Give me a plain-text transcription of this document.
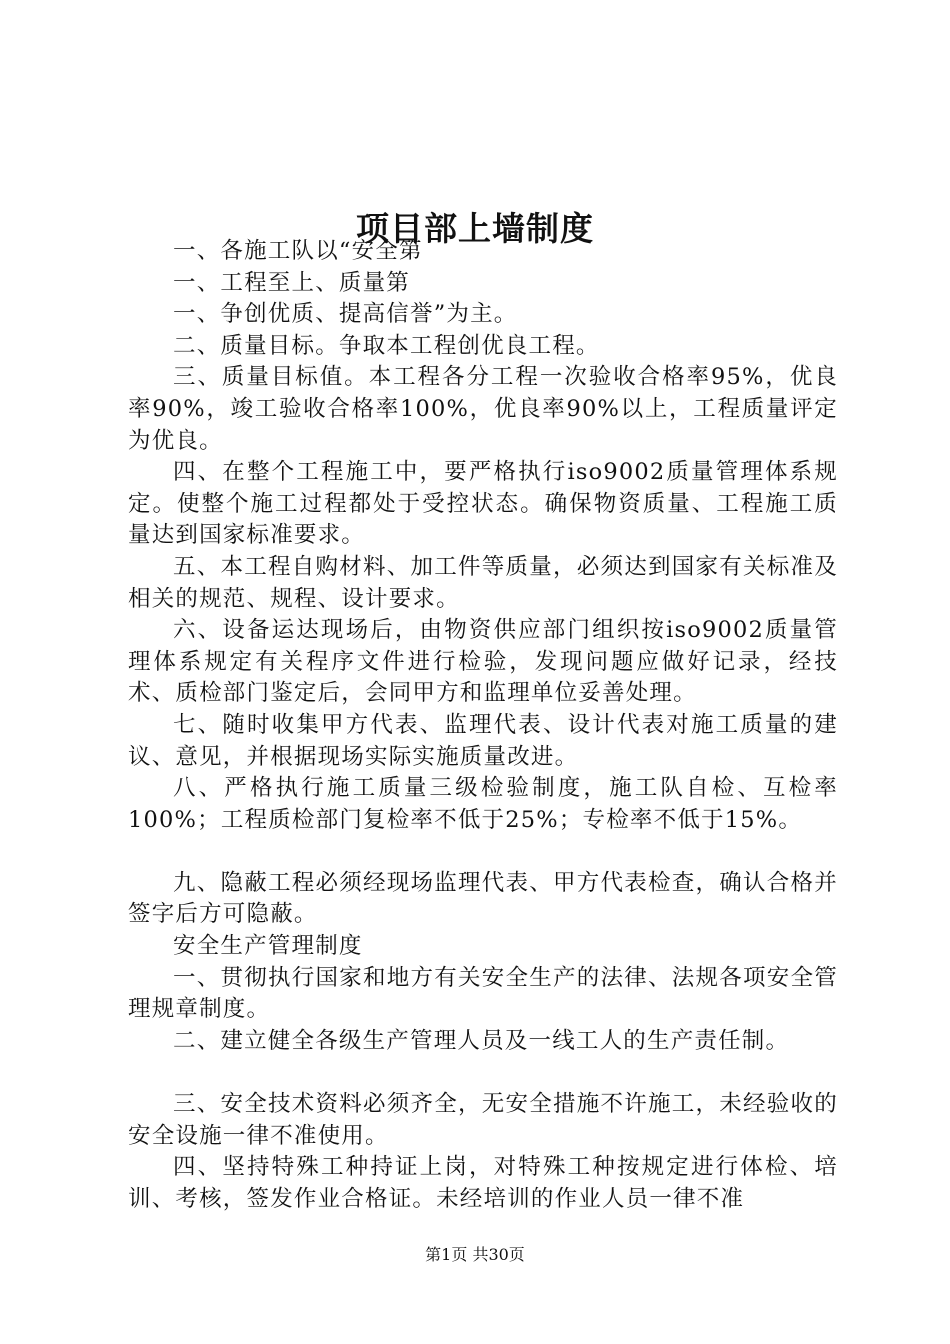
项目部上墙制度

一、各施工队以“安全第

一、工程至上、质量第

一、争创优质、提高信誉”为主。

二、质量目标。争取本工程创优良工程。

三、质量目标值。本工程各分工程一次验收合格率95%，优良率90%，竣工验收合格率100%，优良率90%以上，工程质量评定为优良。

四、在整个工程施工中，要严格执行iso9002质量管理体系规定。使整个施工过程都处于受控状态。确保物资质量、工程施工质量达到国家标准要求。

五、本工程自购材料、加工件等质量，必须达到国家有关标准及相关的规范、规程、设计要求。

六、设备运达现场后，由物资供应部门组织按iso9002质量管理体系规定有关程序文件进行检验，发现问题应做好记录，经技术、质检部门鉴定后，会同甲方和监理单位妥善处理。

七、随时收集甲方代表、监理代表、设计代表对施工质量的建议、意见，并根据现场实际实施质量改进。

八、严格执行施工质量三级检验制度，施工队自检、互检率100%；工程质检部门复检率不低于25%；专检率不低于15%。

九、隐蔽工程必须经现场监理代表、甲方代表检查，确认合格并签字后方可隐蔽。

安全生产管理制度

一、贯彻执行国家和地方有关安全生产的法律、法规各项安全管理规章制度。

二、建立健全各级生产管理人员及一线工人的生产责任制。

三、安全技术资料必须齐全，无安全措施不许施工，未经验收的安全设施一律不准使用。

四、坚持特殊工种持证上岗，对特殊工种按规定进行体检、培训、考核，签发作业合格证。未经培训的作业人员一律不准

第1页 共30页
